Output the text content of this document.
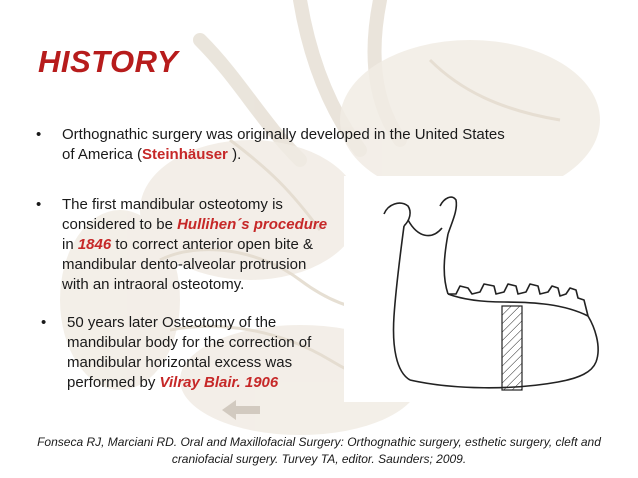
HISTORY
• Orthognathic surgery was originally developed in the United States
of America (Steinhäuser ).
• The first mandibular osteotomy is
considered to be Hullihen´s procedure
in 1846 to correct anterior open bite &
mandibular dento-alveolar protrusion
with an intraoral osteotomy.
• 50 years later Osteotomy of the
mandibular body for the correction of
mandibular horizontal excess was
performed by Vilray Blair. 1906
Fonseca RJ, Marciani RD. Oral and Maxillofacial Surgery: Orthognathic surgery, esthetic surgery, cleft and
craniofacial surgery. Turvey TA, editor. Saunders; 2009.
